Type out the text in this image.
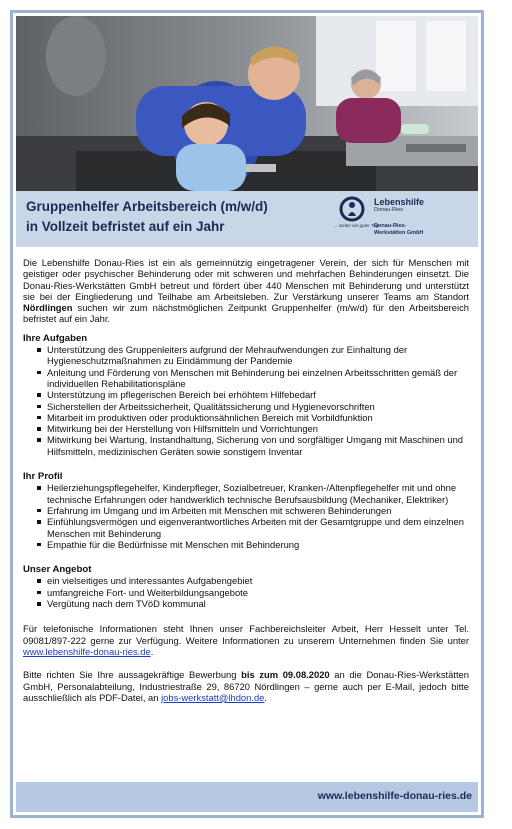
Gruppenhelfer Arbeitsbereich (m/w/d)
in Vollzeit befristet auf ein Jahr
Lebenshilfe
Donau-Ries
... weiter ein guter Tag
Donau-Ries-
Werkstätten GmbH

Die Lebenshilfe Donau-Ries ist ein als gemeinnützig eingetragener Verein, der sich für Menschen mit geistiger oder psychischer Behinderung oder mit schweren und mehrfachen Behinderungen einsetzt. Die Donau-Ries-Werkstätten GmbH betreut und fördert über 440 Menschen mit Behinderung und unterstützt sie bei der Eingliederung und Teilhabe am Arbeitsleben. Zur Verstärkung unserer Teams am Standort Nördlingen suchen wir zum nächstmöglichen Zeitpunkt Gruppenhelfer (m/w/d) für den Arbeitsbereich befristet auf ein Jahr.

Ihre Aufgaben
Unterstützung des Gruppenleiters aufgrund der Mehraufwendungen zur Einhaltung der Hygieneschutzmaßnahmen zu Eindämmung der Pandemie
Anleitung und Förderung von Menschen mit Behinderung bei einzelnen Arbeitsschritten gemäß der individuellen Rehabilitationspläne
Unterstützung im pflegerischen Bereich bei erhöhtem Hilfebedarf
Sicherstellen der Arbeitssicherheit, Qualitätssicherung und Hygienevorschriften
Mitarbeit im produktiven oder produktionsähnlichen Bereich mit Vorbildfunktion
Mitwirkung bei der Herstellung von Hilfsmitteln und Vorrichtungen
Mitwirkung bei Wartung, Instandhaltung, Sicherung von und sorgfältiger Umgang mit Maschinen und Hilfsmitteln, medizinischen Geräten sowie sonstigem Inventar
Ihr Profil
Heilerziehungspflegehelfer, Kinderpfleger, Sozialbetreuer, Kranken-/Altenpflegehelfer mit und ohne technische Erfahrungen oder handwerklich technische Berufsausbildung (Mechaniker, Elektriker)
Erfahrung im Umgang und im Arbeiten mit Menschen mit schweren Behinderungen
Einfühlungsvermögen und eigenverantwortliches Arbeiten mit der Gesamtgruppe und dem einzelnen Menschen mit Behinderung
Empathie für die Bedürfnisse mit Menschen mit Behinderung
Unser Angebot
ein vielseitiges und interessantes Aufgabengebiet
umfangreiche Fort- und Weiterbildungsangebote
Vergütung nach dem TVöD kommunal

Für telefonische Informationen steht Ihnen unser Fachbereichsleiter Arbeit, Herr Hesselt unter Tel. 09081/897-222 gerne zur Verfügung. Weitere Informationen zu unserem Unternehmen finden Sie unter www.lebenshilfe-donau-ries.de.

Bitte richten Sie Ihre aussagekräftige Bewerbung bis zum 09.08.2020 an die Donau-Ries-Werkstätten GmbH, Personalabteilung, Industriestraße 29, 86720 Nördlingen – gerne auch per E-Mail, jedoch bitte ausschließlich als PDF-Datei, an jobs-werkstatt@lhdon.de.

www.lebenshilfe-donau-ries.de
